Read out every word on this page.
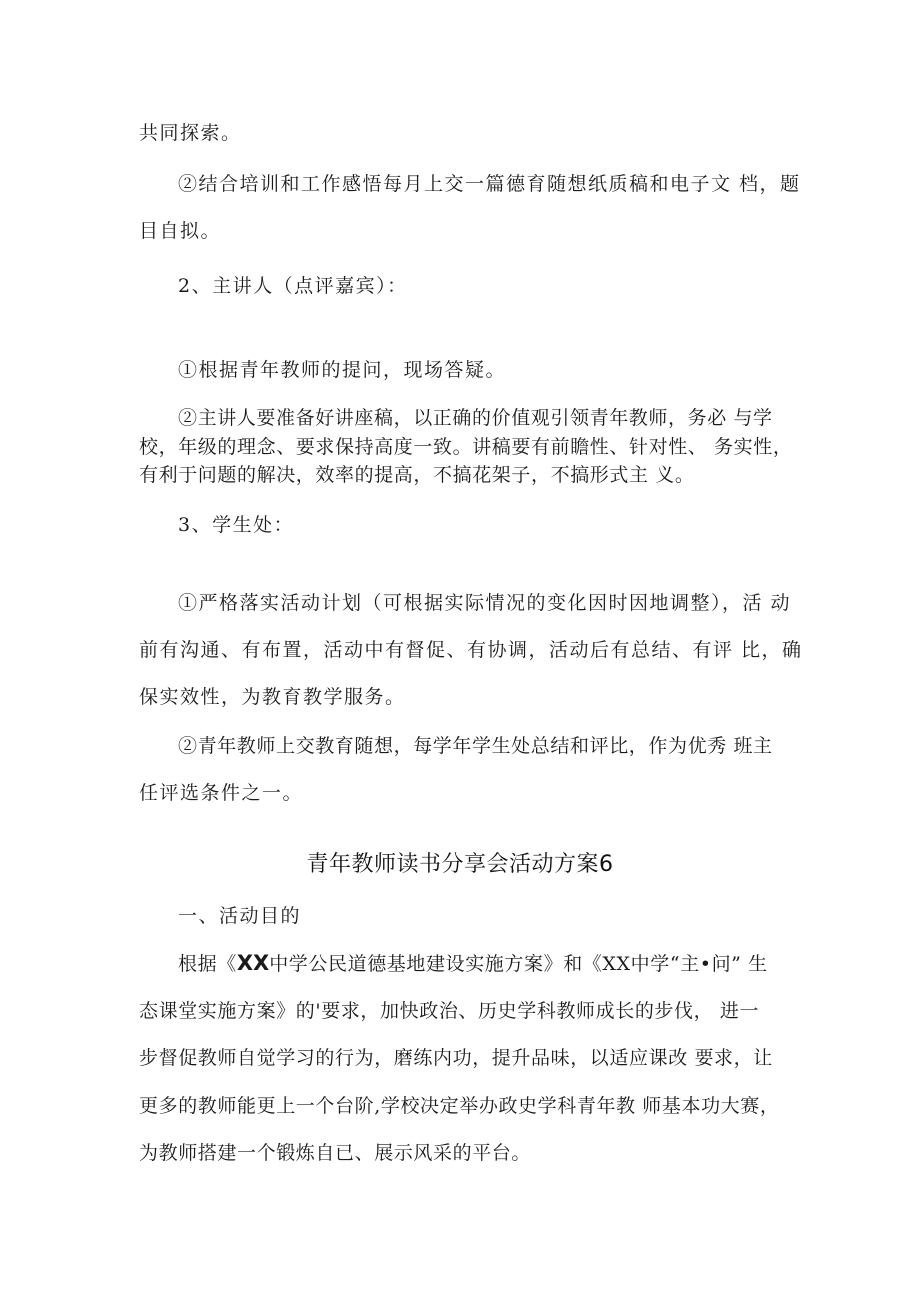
共同探索。
②结合培训和工作感悟每月上交一篇德育随想纸质稿和电子文 档，题
目自拟。
2、主讲人（点评嘉宾）：
①根据青年教师的提问，现场答疑。
②主讲人要准备好讲座稿，以正确的价值观引领青年教师，务必 与学
校，年级的理念、要求保持高度一致。讲稿要有前瞻性、针对性、 务实性，
有利于问题的解决，效率的提高，不搞花架子，不搞形式主 义。
3、学生处：
①严格落实活动计划（可根据实际情况的变化因时因地调整），活 动
前有沟通、有布置，活动中有督促、有协调，活动后有总结、有评 比，确
保实效性，为教育教学服务。
②青年教师上交教育随想，每学年学生处总结和评比，作为优秀 班主
任评选条件之一。
青年教师读书分享会活动方案6
一、活动目的
根据《XX中学公民道德基地建设实施方案》和《XX中学“主•问” 生
态课堂实施方案》的'要求，加快政治、历史学科教师成长的步伐， 进一
步督促教师自觉学习的行为，磨练内功，提升品味，以适应课改 要求，让
更多的教师能更上一个台阶,学校决定举办政史学科青年教 师基本功大赛，
为教师搭建一个锻炼自已、展示风采的平台。
